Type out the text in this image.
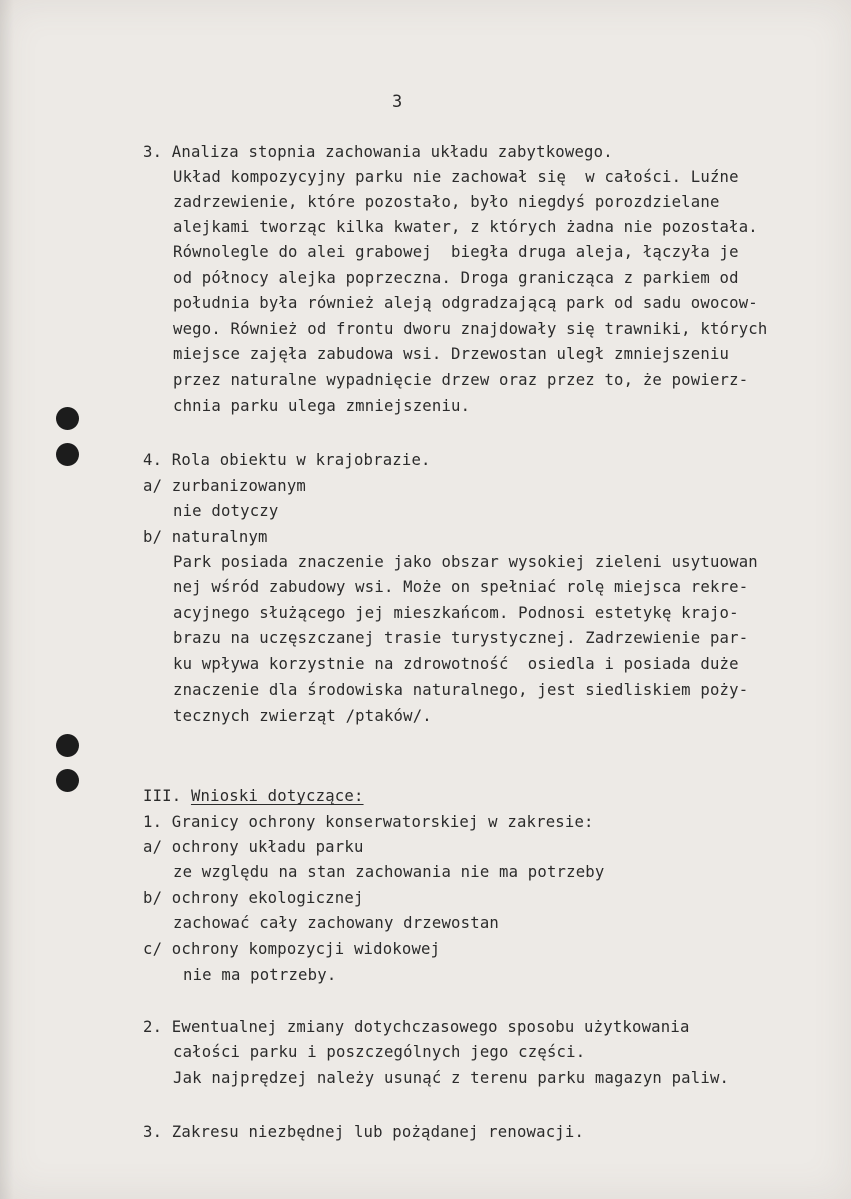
3
3. Analiza stopnia zachowania układu zabytkowego.
Układ kompozycyjny parku nie zachował się  w całości. Luźne
zadrzewienie, które pozostało, było niegdyś porozdzielane
alejkami tworząc kilka kwater, z których żadna nie pozostała.
Równolegle do alei grabowej  biegła druga aleja, łączyła je
od północy alejka poprzeczna. Droga granicząca z parkiem od
południa była również aleją odgradzającą park od sadu owocow-
wego. Również od frontu dworu znajdowały się trawniki, których
miejsce zajęła zabudowa wsi. Drzewostan uległ zmniejszeniu
przez naturalne wypadnięcie drzew oraz przez to, że powierz-
chnia parku ulega zmniejszeniu.
4. Rola obiektu w krajobrazie.
a/ zurbanizowanym
nie dotyczy
b/ naturalnym
Park posiada znaczenie jako obszar wysokiej zieleni usytuowan
nej wśród zabudowy wsi. Może on spełniać rolę miejsca rekre-
acyjnego służącego jej mieszkańcom. Podnosi estetykę krajo-
brazu na uczęszczanej trasie turystycznej. Zadrzewienie par-
ku wpływa korzystnie na zdrowotność  osiedla i posiada duże
znaczenie dla środowiska naturalnego, jest siedliskiem poży-
tecznych zwierząt /ptaków/.
III. Wnioski dotyczące:
1. Granicy ochrony konserwatorskiej w zakresie:
a/ ochrony układu parku
ze względu na stan zachowania nie ma potrzeby
b/ ochrony ekologicznej
zachować cały zachowany drzewostan
c/ ochrony kompozycji widokowej
nie ma potrzeby.
2. Ewentualnej zmiany dotychczasowego sposobu użytkowania
całości parku i poszczególnych jego części.
Jak najprędzej należy usunąć z terenu parku magazyn paliw.
3. Zakresu niezbędnej lub pożądanej renowacji.
